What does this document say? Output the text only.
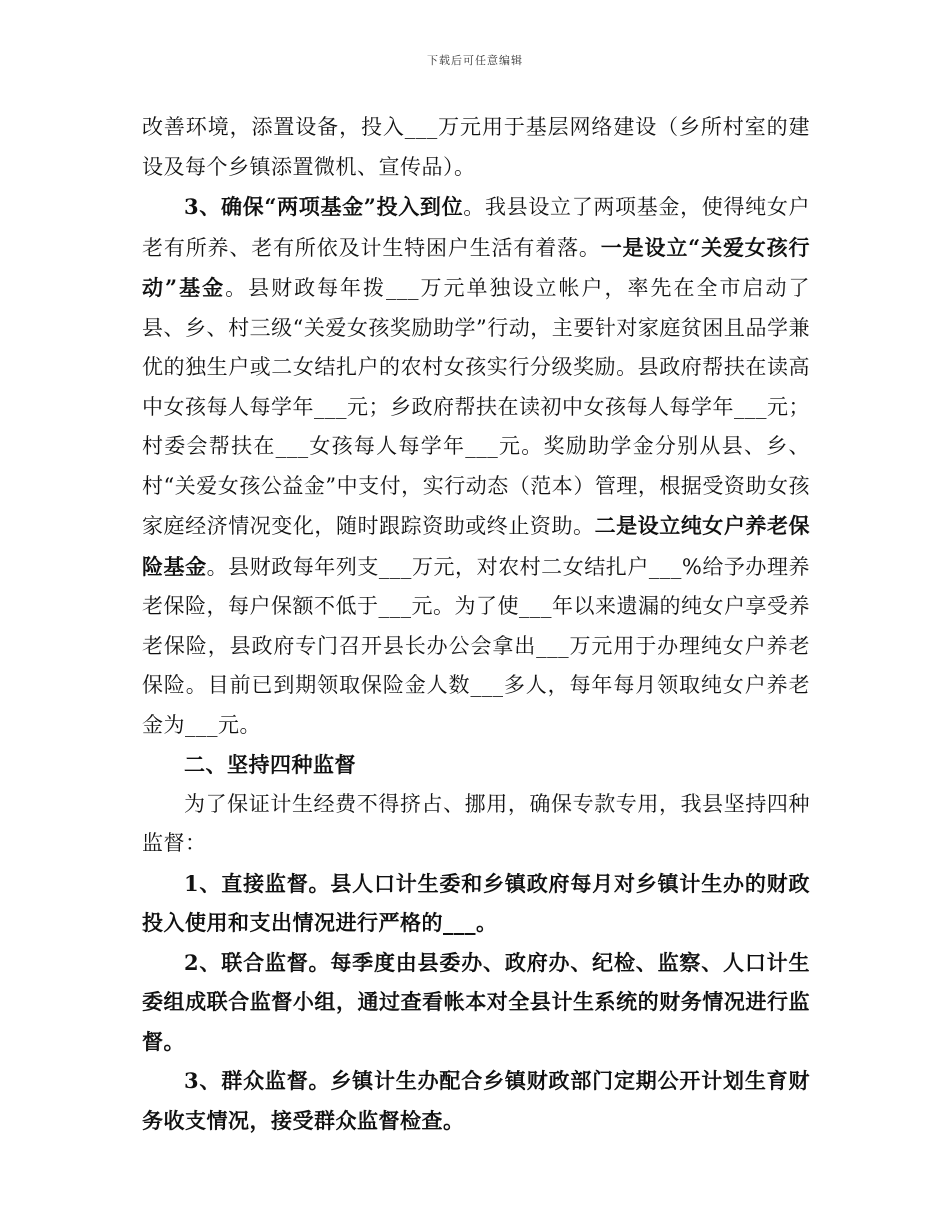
下载后可任意编辑

改善环境，添置设备，投入___万元用于基层网络建设（乡所村室的建设及每个乡镇添置微机、宣传品）。

3、确保“两项基金”投入到位。我县设立了两项基金，使得纯女户老有所养、老有所依及计生特困户生活有着落。一是设立“关爱女孩行动”基金。县财政每年拨___万元单独设立帐户，率先在全市启动了县、乡、村三级“关爱女孩奖励助学”行动，主要针对家庭贫困且品学兼优的独生户或二女结扎户的农村女孩实行分级奖励。县政府帮扶在读高中女孩每人每学年___元；乡政府帮扶在读初中女孩每人每学年___元；村委会帮扶在___女孩每人每学年___元。奖励助学金分别从县、乡、村“关爱女孩公益金”中支付，实行动态（范本）管理，根据受资助女孩家庭经济情况变化，随时跟踪资助或终止资助。二是设立纯女户养老保险基金。县财政每年列支___万元，对农村二女结扎户___%给予办理养老保险，每户保额不低于___元。为了使___年以来遗漏的纯女户享受养老保险，县政府专门召开县长办公会拿出___万元用于办理纯女户养老保险。目前已到期领取保险金人数___多人，每年每月领取纯女户养老金为___元。

二、坚持四种监督

为了保证计生经费不得挤占、挪用，确保专款专用，我县坚持四种监督：

1、直接监督。县人口计生委和乡镇政府每月对乡镇计生办的财政投入使用和支出情况进行严格的___。

2、联合监督。每季度由县委办、政府办、纪检、监察、人口计生委组成联合监督小组，通过查看帐本对全县计生系统的财务情况进行监督。

3、群众监督。乡镇计生办配合乡镇财政部门定期公开计划生育财务收支情况，接受群众监督检查。
